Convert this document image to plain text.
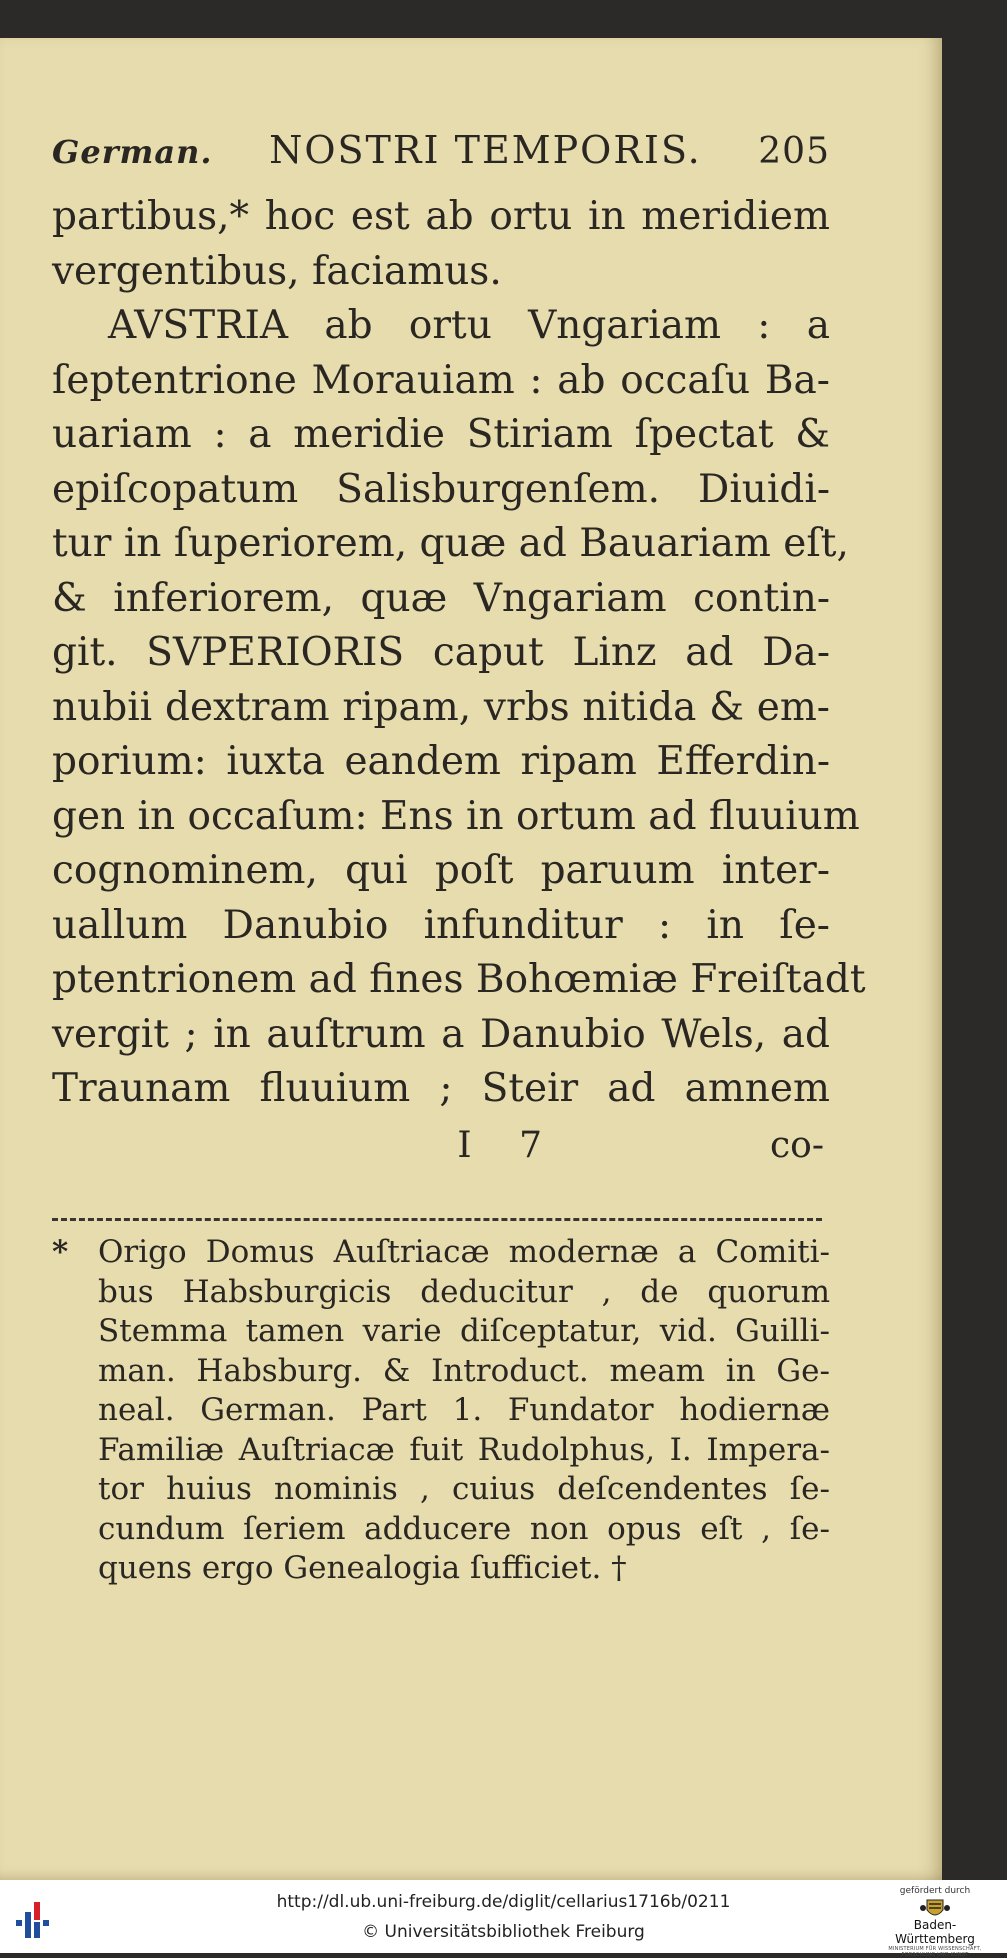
German. NOSTRI TEMPORIS. 205
partibus,* hoc est ab ortu in meridiem
vergentibus, faciamus.
AVSTRIA ab ortu Vngariam : a
ſeptentrione Morauiam : ab occaſu Ba-
uariam : a meridie Stiriam ſpectat &
epiſcopatum Salisburgenſem. Diuidi-
tur in ſuperiorem, quæ ad Bauariam eſt,
& inferiorem, quæ Vngariam contin-
git. SVPERIORIS caput Linz ad Da-
nubii dextram ripam, vrbs nitida & em-
porium: iuxta eandem ripam Efferdin-
gen in occaſum: Ens in ortum ad fluuium
cognominem, qui poſt paruum inter-
uallum Danubio infunditur : in ſe-
ptentrionem ad fines Bohœmiæ Freiſtadt
vergit ; in auſtrum a Danubio Wels, ad
Traunam fluuium ; Steir ad amnem
I 7	co-
* Origo Domus Auſtriacæ modernæ a Comiti-
bus Habsburgicis deducitur , de quorum
Stemma tamen varie diſceptatur, vid. Guilli-
man. Habsburg. & Introduct. meam in Ge-
neal. German. Part 1. Fundator hodiernæ
Familiæ Auſtriacæ fuit Rudolphus, I. Impera-
tor huius nominis , cuius deſcendentes ſe-
cundum ſeriem adducere non opus eſt , ſe-
quens ergo Genealogia ſufficiet. †
http://dl.ub.uni-freiburg.de/diglit/cellarius1716b/0211
© Universitätsbibliothek Freiburg
gefördert durch
Baden-Württemberg
MINISTERIUM FÜR WISSENSCHAFT, FORSCHUNG UND KUNST
